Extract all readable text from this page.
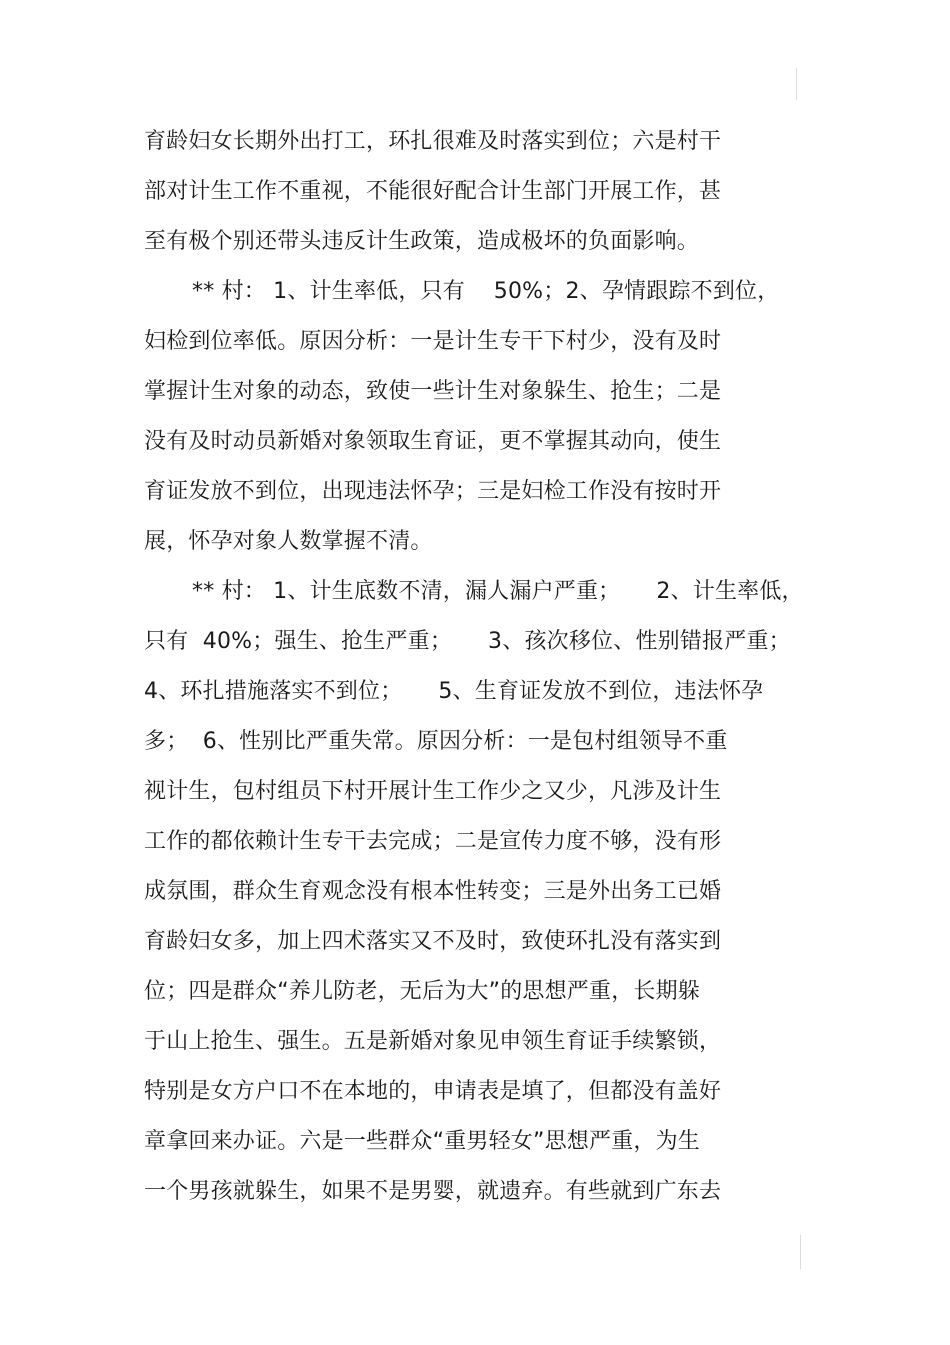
育龄妇女长期外出打工，环扎很难及时落实到位；六是村干
部对计生工作不重视，不能很好配合计生部门开展工作，甚
至有极个别还带头违反计生政策，造成极坏的负面影响。
** 村： 1、计生率低，只有    50%；2、孕情跟踪不到位，
妇检到位率低。原因分析：一是计生专干下村少，没有及时
掌握计生对象的动态，致使一些计生对象躲生、抢生；二是
没有及时动员新婚对象领取生育证，更不掌握其动向，使生
育证发放不到位，出现违法怀孕；三是妇检工作没有按时开
展，怀孕对象人数掌握不清。
** 村： 1、计生底数不清，漏人漏户严重；     2、计生率低，
只有  40%；强生、抢生严重；     3、孩次移位、性别错报严重；
4、环扎措施落实不到位；     5、生育证发放不到位，违法怀孕
多；  6、性别比严重失常。原因分析：一是包村组领导不重
视计生，包村组员下村开展计生工作少之又少，凡涉及计生
工作的都依赖计生专干去完成；二是宣传力度不够，没有形
成氛围，群众生育观念没有根本性转变；三是外出务工已婚
育龄妇女多，加上四术落实又不及时，致使环扎没有落实到
位；四是群众“养儿防老，无后为大”的思想严重，长期躲
于山上抢生、强生。五是新婚对象见申领生育证手续繁锁，
特别是女方户口不在本地的，申请表是填了，但都没有盖好
章拿回来办证。六是一些群众“重男轻女”思想严重，为生
一个男孩就躲生，如果不是男婴，就遗弃。有些就到广东去
